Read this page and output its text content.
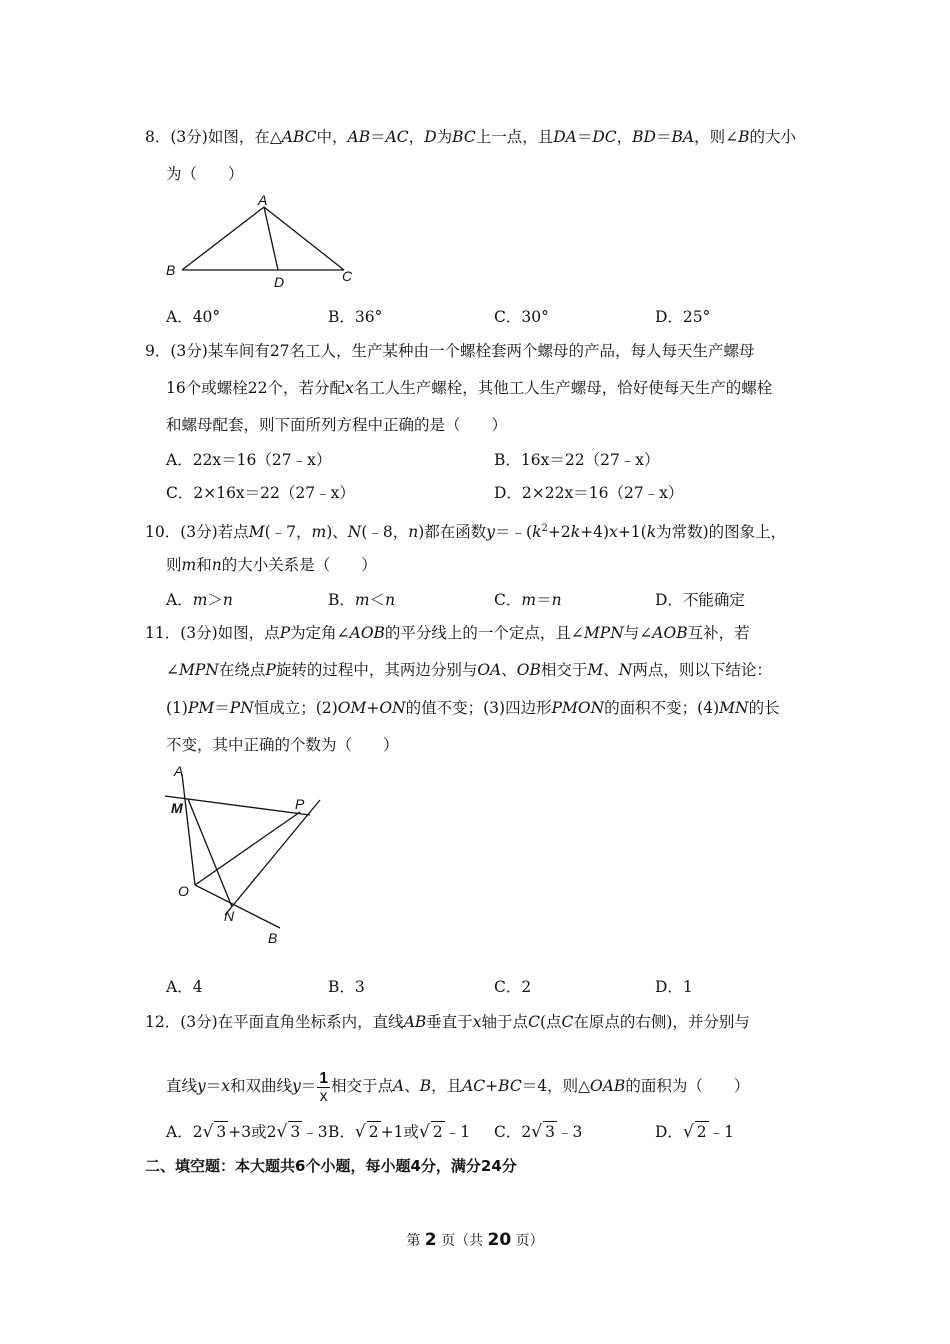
8．(3分)如图，在△ABC中，AB＝AC，D为BC上一点，且DA＝DC，BD＝BA，则∠B的大小
为（　　）
A
B	C
D
A．40°	B．36°	C．30°	D．25°
9．(3分)某车间有27名工人，生产某种由一个螺栓套两个螺母的产品，每人每天生产螺母
16个或螺栓22个，若分配x名工人生产螺栓，其他工人生产螺母，恰好使每天生产的螺栓
和螺母配套，则下面所列方程中正确的是（　　）
A．22x＝16（27﹣x）	B．16x＝22（27﹣x）
C．2×16x＝22（27﹣x）	D．2×22x＝16（27﹣x）
10．(3分)若点M(﹣7，m)、N(﹣8，n)都在函数$y=﹣(k^2+2k+4)x+1(k$为常数)的图象上，
则m和n的大小关系是（　　）
A．m＞n	B．m＜n	C．m＝n	D．不能确定
11．(3分)如图，点P为定角∠AOB的平分线上的一个定点，且∠MPN与∠AOB互补，若
∠MPN在绕点P旋转的过程中，其两边分别与OA、OB相交于M、N两点，则以下结论：
(1)PM＝PN恒成立；(2)OM+ON的值不变；(3)四边形PMON的面积不变；(4)MN的长
不变，其中正确的个数为（　　）
A
M	P
O
N
B
A．4	B．3	C．2	D．1
12．(3分)在平面直角坐标系内，直线AB垂直于x轴于点C(点C在原点的右侧)，并分别与
直线y＝x和双曲线$y= \frac{1}{x}$ 相交于点A、B，且AC+BC＝4，则△OAB的面积为（　　）
A．2√ 3 +3或2√ 3 ﹣3 B．√ 2 +1或√ 2 ﹣1 C．2√ 3 ﹣3	D．√ 2 ﹣1
二、填空题：本大题共6个小题，每小题4分，满分24分
第 2 页（共 20 页）
